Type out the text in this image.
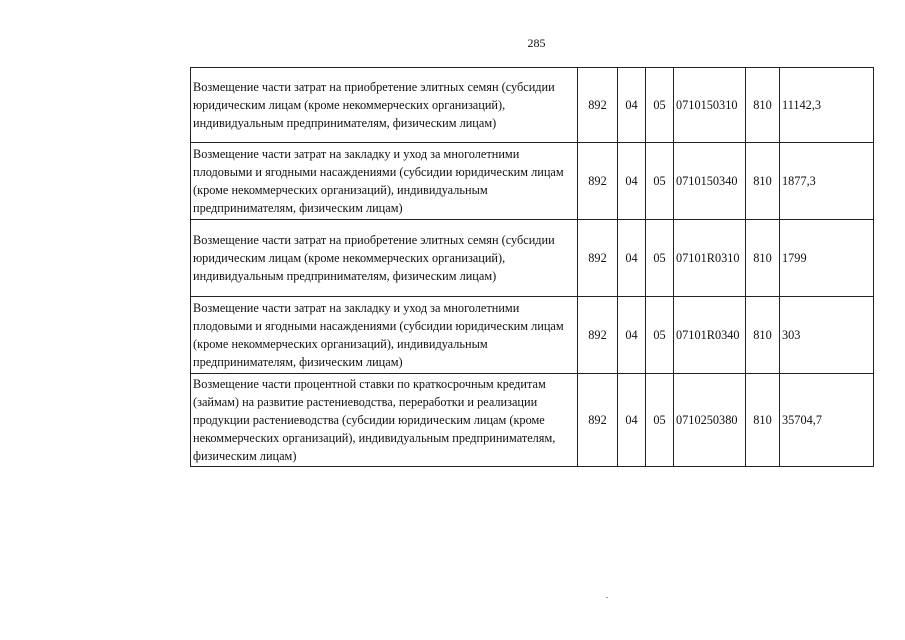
285
Возмещение части затрат на приобретение элитных семян (субсидии юридическим лицам (кроме некоммерческих организаций), индивидуальным предпринимателям, физическим лицам)	892	04	05	0710150310	810	11142,3
Возмещение части затрат на закладку и уход за многолетними плодовыми и ягодными насаждениями (субсидии юридическим лицам (кроме некоммерческих организаций), индивидуальным предпринимателям, физическим лицам)	892	04	05	0710150340	810	1877,3
Возмещение части затрат на приобретение элитных семян (субсидии юридическим лицам (кроме некоммерческих организаций), индивидуальным предпринимателям, физическим лицам)	892	04	05	07101R0310	810	1799
Возмещение части затрат на закладку и уход за многолетними плодовыми и ягодными насаждениями (субсидии юридическим лицам (кроме некоммерческих организаций), индивидуальным предпринимателям, физическим лицам)	892	04	05	07101R0340	810	303
Возмещение части процентной ставки по краткосрочным кредитам (займам) на развитие растениеводства, переработки и реализации продукции растениеводства (субсидии юридическим лицам (кроме некоммерческих организаций), индивидуальным предпринимателям, физическим лицам)	892	04	05	0710250380	810	35704,7
